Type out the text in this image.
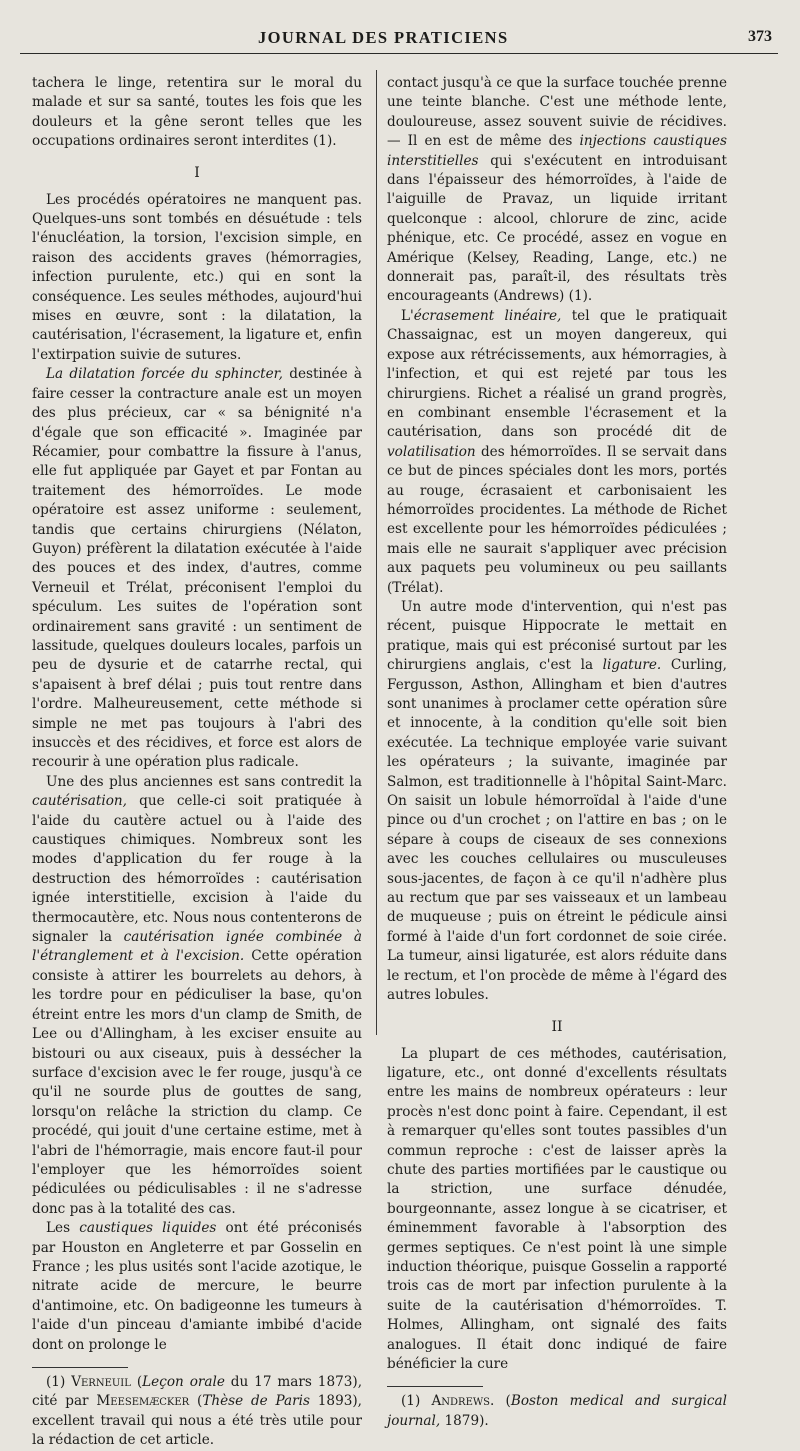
JOURNAL DES PRATICIENS	373

tachera le linge, retentira sur le moral du malade et sur sa santé, toutes les fois que les douleurs et la gêne seront telles que les occupations ordinaires seront interdites (1).

I

Les procédés opératoires ne manquent pas. Quelques-uns sont tombés en désuétude : tels l'énucléation, la torsion, l'excision simple, en raison des accidents graves (hémorragies, infection purulente, etc.) qui en sont la conséquence. Les seules méthodes, aujourd'hui mises en œuvre, sont : la dilatation, la cautérisation, l'écrasement, la ligature et, enfin l'extirpation suivie de sutures.

La dilatation forcée du sphincter, destinée à faire cesser la contracture anale est un moyen des plus précieux, car « sa bénignité n'a d'égale que son efficacité ». Imaginée par Récamier, pour combattre la fissure à l'anus, elle fut appliquée par Gayet et par Fontan au traitement des hémorroïdes. Le mode opératoire est assez uniforme : seulement, tandis que certains chirurgiens (Nélaton, Guyon) préfèrent la dilatation exécutée à l'aide des pouces et des index, d'autres, comme Verneuil et Trélat, préconisent l'emploi du spéculum. Les suites de l'opération sont ordinairement sans gravité : un sentiment de lassitude, quelques douleurs locales, parfois un peu de dysurie et de catarrhe rectal, qui s'apaisent à bref délai ; puis tout rentre dans l'ordre. Malheureusement, cette méthode si simple ne met pas toujours à l'abri des insuccès et des récidives, et force est alors de recourir à une opération plus radicale.

Une des plus anciennes est sans contredit la cautérisation, que celle-ci soit pratiquée à l'aide du cautère actuel ou à l'aide des caustiques chimiques. Nombreux sont les modes d'application du fer rouge à la destruction des hémorroïdes : cautérisation ignée interstitielle, excision à l'aide du thermocautère, etc. Nous nous contenterons de signaler la cautérisation ignée combinée à l'étranglement et à l'excision. Cette opération consiste à attirer les bourrelets au dehors, à les tordre pour en pédiculiser la base, qu'on étreint entre les mors d'un clamp de Smith, de Lee ou d'Allingham, à les exciser ensuite au bistouri ou aux ciseaux, puis à dessécher la surface d'excision avec le fer rouge, jusqu'à ce qu'il ne sourde plus de gouttes de sang, lorsqu'on relâche la striction du clamp. Ce procédé, qui jouit d'une certaine estime, met à l'abri de l'hémorragie, mais encore faut-il pour l'employer que les hémorroïdes soient pédiculées ou pédiculisables : il ne s'adresse donc pas à la totalité des cas.

Les caustiques liquides ont été préconisés par Houston en Angleterre et par Gosselin en France ; les plus usités sont l'acide azotique, le nitrate acide de mercure, le beurre d'antimoine, etc. On badigeonne les tumeurs à l'aide d'un pinceau d'amiante imbibé d'acide dont on prolonge le

(1) Verneuil (Leçon orale du 17 mars 1873), cité par Meesemæcker (Thèse de Paris 1893), excellent travail qui nous a été très utile pour la rédaction de cet article.

contact jusqu'à ce que la surface touchée prenne une teinte blanche. C'est une méthode lente, douloureuse, assez souvent suivie de récidives. — Il en est de même des injections caustiques interstitielles qui s'exécutent en introduisant dans l'épaisseur des hémorroïdes, à l'aide de l'aiguille de Pravaz, un liquide irritant quelconque : alcool, chlorure de zinc, acide phénique, etc. Ce procédé, assez en vogue en Amérique (Kelsey, Reading, Lange, etc.) ne donnerait pas, paraît-il, des résultats très encourageants (Andrews) (1).

L'écrasement linéaire, tel que le pratiquait Chassaignac, est un moyen dangereux, qui expose aux rétrécissements, aux hémorragies, à l'infection, et qui est rejeté par tous les chirurgiens. Richet a réalisé un grand progrès, en combinant ensemble l'écrasement et la cautérisation, dans son procédé dit de volatilisation des hémorroïdes. Il se servait dans ce but de pinces spéciales dont les mors, portés au rouge, écrasaient et carbonisaient les hémorroïdes procidentes. La méthode de Richet est excellente pour les hémorroïdes pédiculées ; mais elle ne saurait s'appliquer avec précision aux paquets peu volumineux ou peu saillants (Trélat).

Un autre mode d'intervention, qui n'est pas récent, puisque Hippocrate le mettait en pratique, mais qui est préconisé surtout par les chirurgiens anglais, c'est la ligature. Curling, Fergusson, Asthon, Allingham et bien d'autres sont unanimes à proclamer cette opération sûre et innocente, à la condition qu'elle soit bien exécutée. La technique employée varie suivant les opérateurs ; la suivante, imaginée par Salmon, est traditionnelle à l'hôpital Saint-Marc. On saisit un lobule hémorroïdal à l'aide d'une pince ou d'un crochet ; on l'attire en bas ; on le sépare à coups de ciseaux de ses connexions avec les couches cellulaires ou musculeuses sous-jacentes, de façon à ce qu'il n'adhère plus au rectum que par ses vaisseaux et un lambeau de muqueuse ; puis on étreint le pédicule ainsi formé à l'aide d'un fort cordonnet de soie cirée. La tumeur, ainsi ligaturée, est alors réduite dans le rectum, et l'on procède de même à l'égard des autres lobules.

II

La plupart de ces méthodes, cautérisation, ligature, etc., ont donné d'excellents résultats entre les mains de nombreux opérateurs : leur procès n'est donc point à faire. Cependant, il est à remarquer qu'elles sont toutes passibles d'un commun reproche : c'est de laisser après la chute des parties mortifiées par le caustique ou la striction, une surface dénudée, bourgeonnante, assez longue à se cicatriser, et éminemment favorable à l'absorption des germes septiques. Ce n'est point là une simple induction théorique, puisque Gosselin a rapporté trois cas de mort par infection purulente à la suite de la cautérisation d'hémorroïdes. T. Holmes, Allingham, ont signalé des faits analogues. Il était donc indiqué de faire bénéficier la cure

(1) Andrews. (Boston medical and surgical journal, 1879).
